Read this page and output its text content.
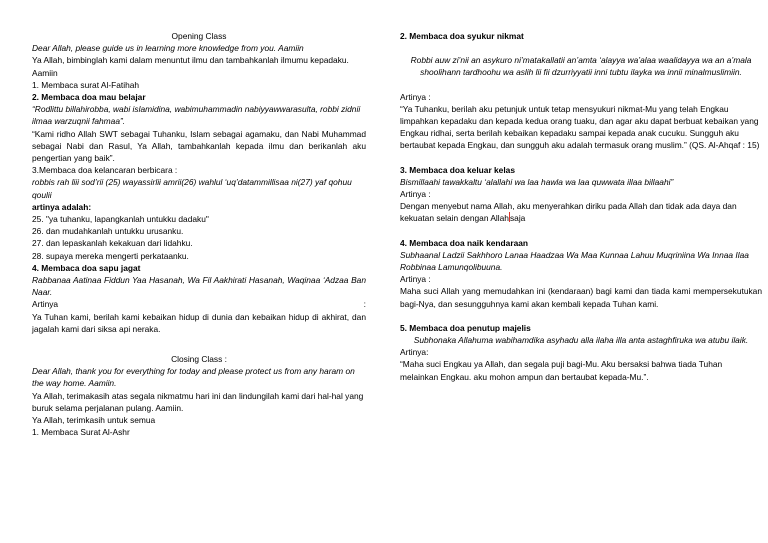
Opening Class

Dear Allah, please guide us in learning more knowledge from you. Aamiin

Ya Allah, bimbinglah kami dalam menuntut ilmu dan tambahkanlah ilmumu kepadaku. Aamiin

1. Membaca surat Al-Fatihah

2. Membaca doa mau belajar

“Rodlittu billahirobba, wabi islamidina, wabimuhammadin nabiyyawwarasulta, robbi zidnii ilmaa warzuqnii fahmaa”.

“Kami ridho Allah SWT sebagai Tuhanku, Islam sebagai agamaku, dan Nabi Muhammad sebagai Nabi dan Rasul, Ya Allah, tambahkanlah kepada ilmu dan berikanlah aku pengertian yang baik”.

3.Membaca doa kelancaran berbicara :

robbis rah liii sod’rii (25) wayassirlii amrii(26) wahlul ‘uq’datammillisaa ni(27) yaf qohuu qoulii

artinya adalah:

25. "ya tuhanku, lapangkanlah untukku dadaku"

26. dan mudahkanlah untukku urusanku.

27. dan lepaskanlah kekakuan dari lidahku.

28. supaya mereka mengerti perkataanku.

4. Membaca doa sapu jagat

Rabbanaa Aatinaa Fiddun Yaa Hasanah, Wa Fil Aakhirati Hasanah, Waqinaa ‘Adzaa Ban Naar.

Artinya	:

Ya Tuhan kami, berilah kami kebaikan hidup di dunia dan kebaikan hidup di akhirat, dan jagalah kami dari siksa api neraka.

Closing Class :

Dear Allah, thank you for everything for today and please protect us from any haram on the way home. Aamiin.

Ya Allah, terimakasih atas segala nikmatmu hari ini dan lindungilah kami dari hal-hal yang buruk selama perjalanan pulang. Aamiin.

Ya Allah, terimkasih untuk semua

1. Membaca Surat Al-Ashr

2. Membaca doa syukur nikmat

Robbi auw zi’nii an asykuro ni’matakallatii an’amta ‘alayya wa’alaa waalidayya wa an a’mala shoolihann tardhoohu wa aslih lii fii dzurriyyatii inni tubtu ilayka wa innii minalmuslimiin.

Artinya :

“Ya Tuhanku, berilah aku petunjuk untuk tetap mensyukuri nikmat-Mu yang telah Engkau limpahkan kepadaku dan kepada kedua orang tuaku, dan agar aku dapat berbuat kebaikan yang Engkau ridhai, serta berilah kebaikan kepadaku sampai kepada anak cucuku. Sungguh aku bertaubat kepada Engkau, dan sungguh aku adalah termasuk orang muslim.” (QS. Al-Ahqaf : 15)

3. Membaca doa keluar kelas

Bismillaahi tawakkaltu ‘alallahi wa laa hawla wa laa quwwata illaa billaahi”

Artinya :

Dengan menyebut nama Allah, aku menyerahkan diriku pada Allah dan tidak ada daya dan kekuatan selain dengan Allahsaja

4. Membaca doa naik kendaraan

Subhaanal Ladzii Sakhhoro Lanaa Haadzaa Wa Maa Kunnaa Lahuu Muqriniina Wa Innaa Ilaa Robbinaa Lamunqolibuuna.

Artinya :

Maha suci Allah yang memudahkan ini (kendaraan) bagi kami dan tiada kami mempersekutukan bagi-Nya, dan sesungguhnya kami akan kembali kepada Tuhan kami.

5. Membaca doa penutup majelis

Subhonaka Allahuma wabihamdika asyhadu alla ilaha illa anta astaghfiruka wa atubu ilaik.

Artinya:

“Maha suci Engkau ya Allah, dan segala puji bagi-Mu. Aku bersaksi bahwa tiada Tuhan melainkan Engkau. aku mohon ampun dan bertaubat kepada-Mu.”.
